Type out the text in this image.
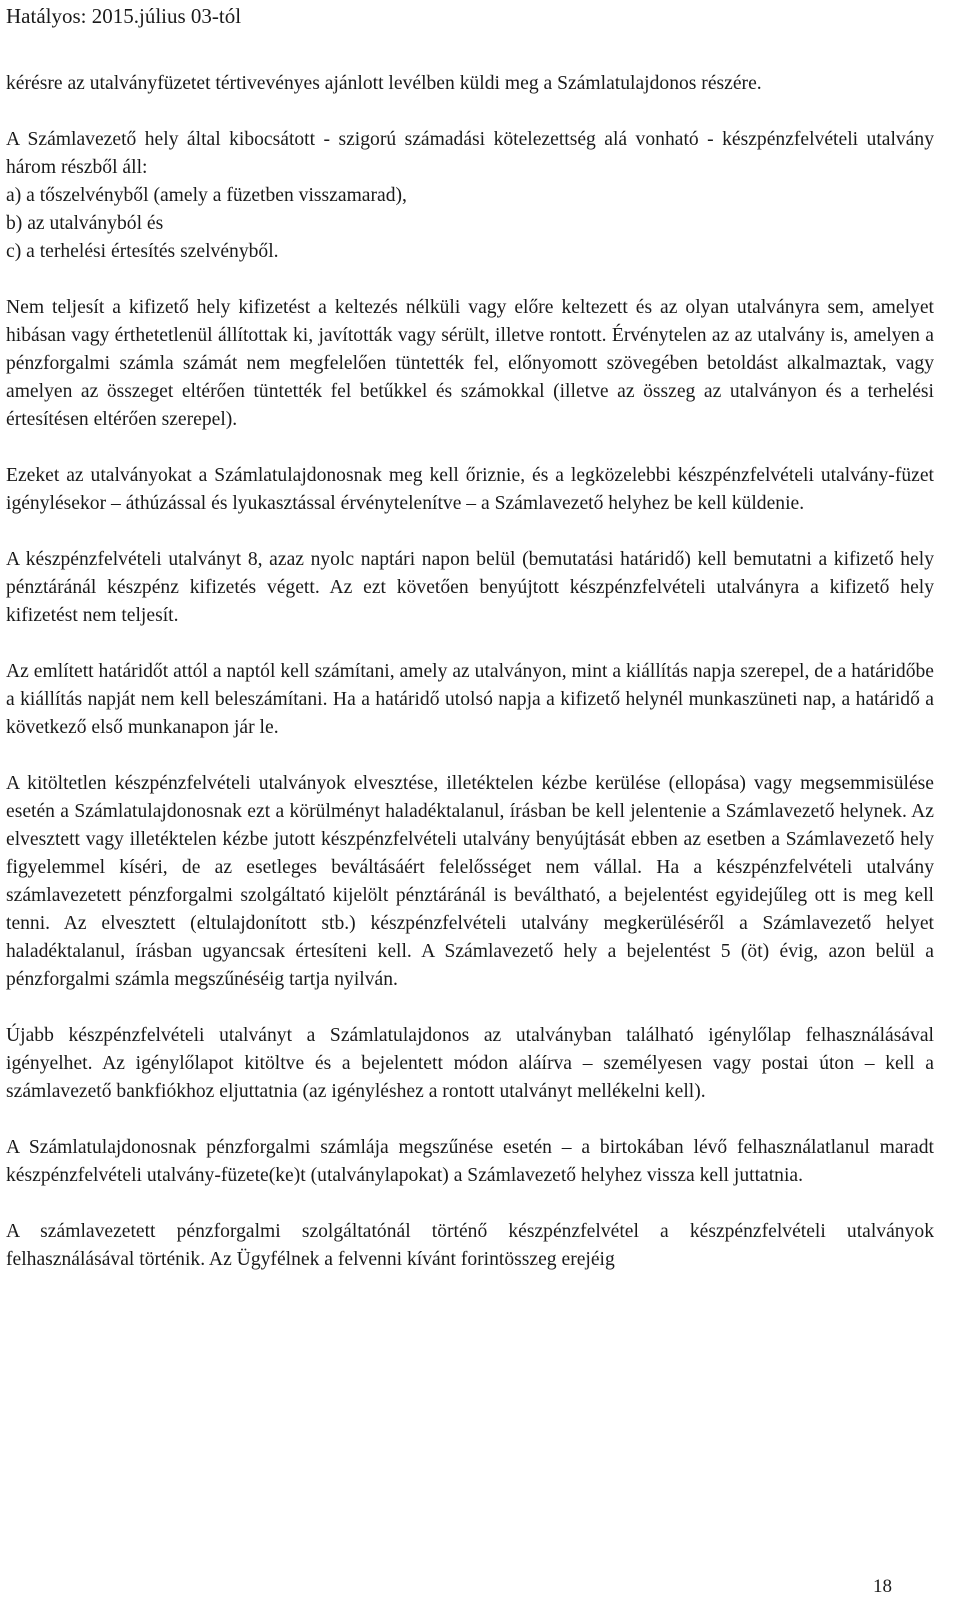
Hatályos: 2015.július 03-tól

kérésre az utalványfüzetet tértivevényes ajánlott levélben küldi meg a Számlatulajdonos részére.

A Számlavezető hely által kibocsátott - szigorú számadási kötelezettség alá vonható - készpénzfelvételi utalvány három részből áll:
a) a tőszelvényből (amely a füzetben visszamarad),
b) az utalványból és
c) a terhelési értesítés szelvényből.

Nem teljesít a kifizető hely kifizetést a keltezés nélküli vagy előre keltezett és az olyan utalványra sem, amelyet hibásan vagy érthetetlenül állítottak ki, javították vagy sérült, illetve rontott. Érvénytelen az az utalvány is, amelyen a pénzforgalmi számla számát nem megfelelően tüntették fel, előnyomott szövegében betoldást alkalmaztak, vagy amelyen az összeget eltérően tüntették fel betűkkel és számokkal (illetve az összeg az utalványon és a terhelési értesítésen eltérően szerepel).

Ezeket az utalványokat a Számlatulajdonosnak meg kell őriznie, és a legközelebbi készpénzfelvételi utalvány-füzet igénylésekor – áthúzással és lyukasztással érvénytelenítve – a Számlavezető helyhez be kell küldenie.

A készpénzfelvételi utalványt 8, azaz nyolc naptári napon belül (bemutatási határidő) kell bemutatni a kifizető hely pénztáránál készpénz kifizetés végett. Az ezt követően benyújtott készpénzfelvételi utalványra a kifizető hely kifizetést nem teljesít.

Az említett határidőt attól a naptól kell számítani, amely az utalványon, mint a kiállítás napja szerepel, de a határidőbe a kiállítás napját nem kell beleszámítani. Ha a határidő utolsó napja a kifizető helynél munkaszüneti nap, a határidő a következő első munkanapon jár le.

A kitöltetlen készpénzfelvételi utalványok elvesztése, illetéktelen kézbe kerülése (ellopása) vagy megsemmisülése esetén a Számlatulajdonosnak ezt a körülményt haladéktalanul, írásban be kell jelentenie a Számlavezető helynek. Az elvesztett vagy illetéktelen kézbe jutott készpénzfelvételi utalvány benyújtását ebben az esetben a Számlavezető hely figyelemmel kíséri, de az esetleges beváltásáért felelősséget nem vállal. Ha a készpénzfelvételi utalvány számlavezetett pénzforgalmi szolgáltató kijelölt pénztáránál is beváltható, a bejelentést egyidejűleg ott is meg kell tenni. Az elvesztett (eltulajdonított stb.) készpénzfelvételi utalvány megkerüléséről a Számlavezető helyet haladéktalanul, írásban ugyancsak értesíteni kell. A Számlavezető hely a bejelentést 5 (öt) évig, azon belül a pénzforgalmi számla megszűnéséig tartja nyilván.

Újabb készpénzfelvételi utalványt a Számlatulajdonos az utalványban található igénylőlap felhasználásával igényelhet. Az igénylőlapot kitöltve és a bejelentett módon aláírva – személyesen vagy postai úton – kell a számlavezető bankfiókhoz eljuttatnia (az igényléshez a rontott utalványt mellékelni kell).

A Számlatulajdonosnak pénzforgalmi számlája megszűnése esetén – a birtokában lévő felhasználatlanul maradt készpénzfelvételi utalvány-füzete(ke)t (utalványlapokat) a Számlavezető helyhez vissza kell juttatnia.

A számlavezetett pénzforgalmi szolgáltatónál történő készpénzfelvétel a készpénzfelvételi utalványok felhasználásával történik. Az Ügyfélnek a felvenni kívánt forintösszeg erejéig

18
